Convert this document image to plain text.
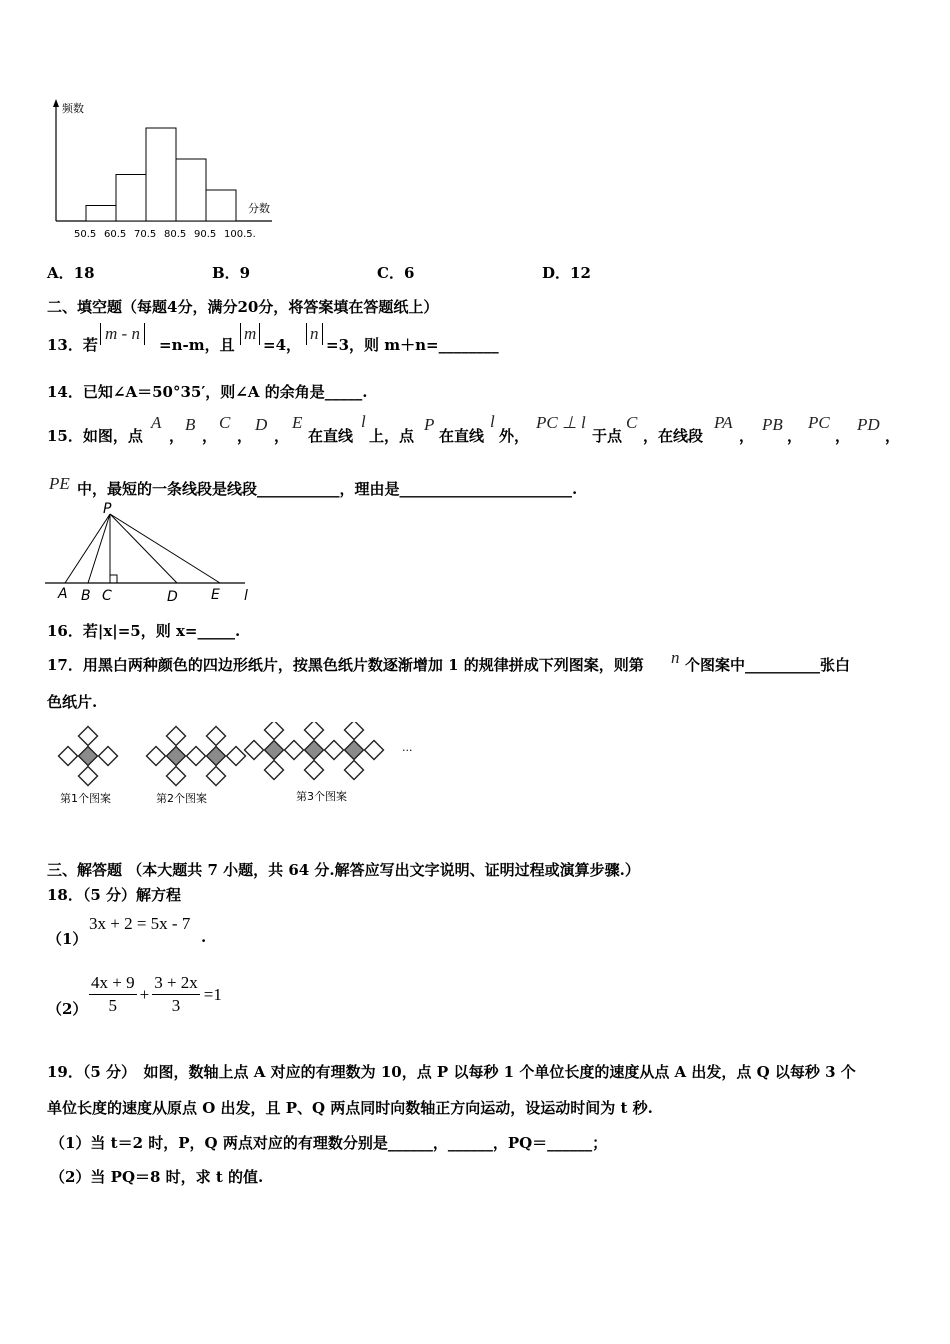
频数
分数
50.5 60.5 70.5 80.5 90.5 100.5.
A．18	B．9	C．6	D．12
二、填空题（每题4分，满分20分，将答案填在答题纸上）
13．若
m - n
=n-m，且
m
=4，
n
=3，则 m＋n=________
14．已知∠A＝50°35′，则∠A 的余角是_____.
15．如图，点
A
，
B
，
C
，
D
，
E
在直线
l
上，点
P
在直线
l
外，
PC ⊥ l
于点
C
，在线段
PA
，
PB
，
PC
，
PD
，
PE 中，最短的一条线段是线段___________，理由是_______________________.
P
A B C	D E l
16．若|x|=5，则 x=_____.
17．用黑白两种颜色的四边形纸片，按黑色纸片数逐渐增加 1 的规律拼成下列图案，则第 n 个图案中__________张白
色纸片.
第1个图案	第2个图案	第3个图案
···
三、解答题 （本大题共 7 小题，共 64 分.解答应写出文字说明、证明过程或演算步骤.）
18．（5 分）解方程
（1）
3x + 2 = 5x - 7
.
$(2) \frac{4x + 9}{5} + \frac{3 + 2x}{3} =1$
19．（5 分）　如图，数轴上点 A 对应的有理数为 10，点 P 以每秒 1 个单位长度的速度从点 A 出发，点 Q 以每秒 3 个
单位长度的速度从原点 O 出发，且 P、Q 两点同时向数轴正方向运动，设运动时间为 t 秒.
（1）当 t＝2 时，P，Q 两点对应的有理数分别是______，______，PQ＝______；
（2）当 PQ＝8 时，求 t 的值.
